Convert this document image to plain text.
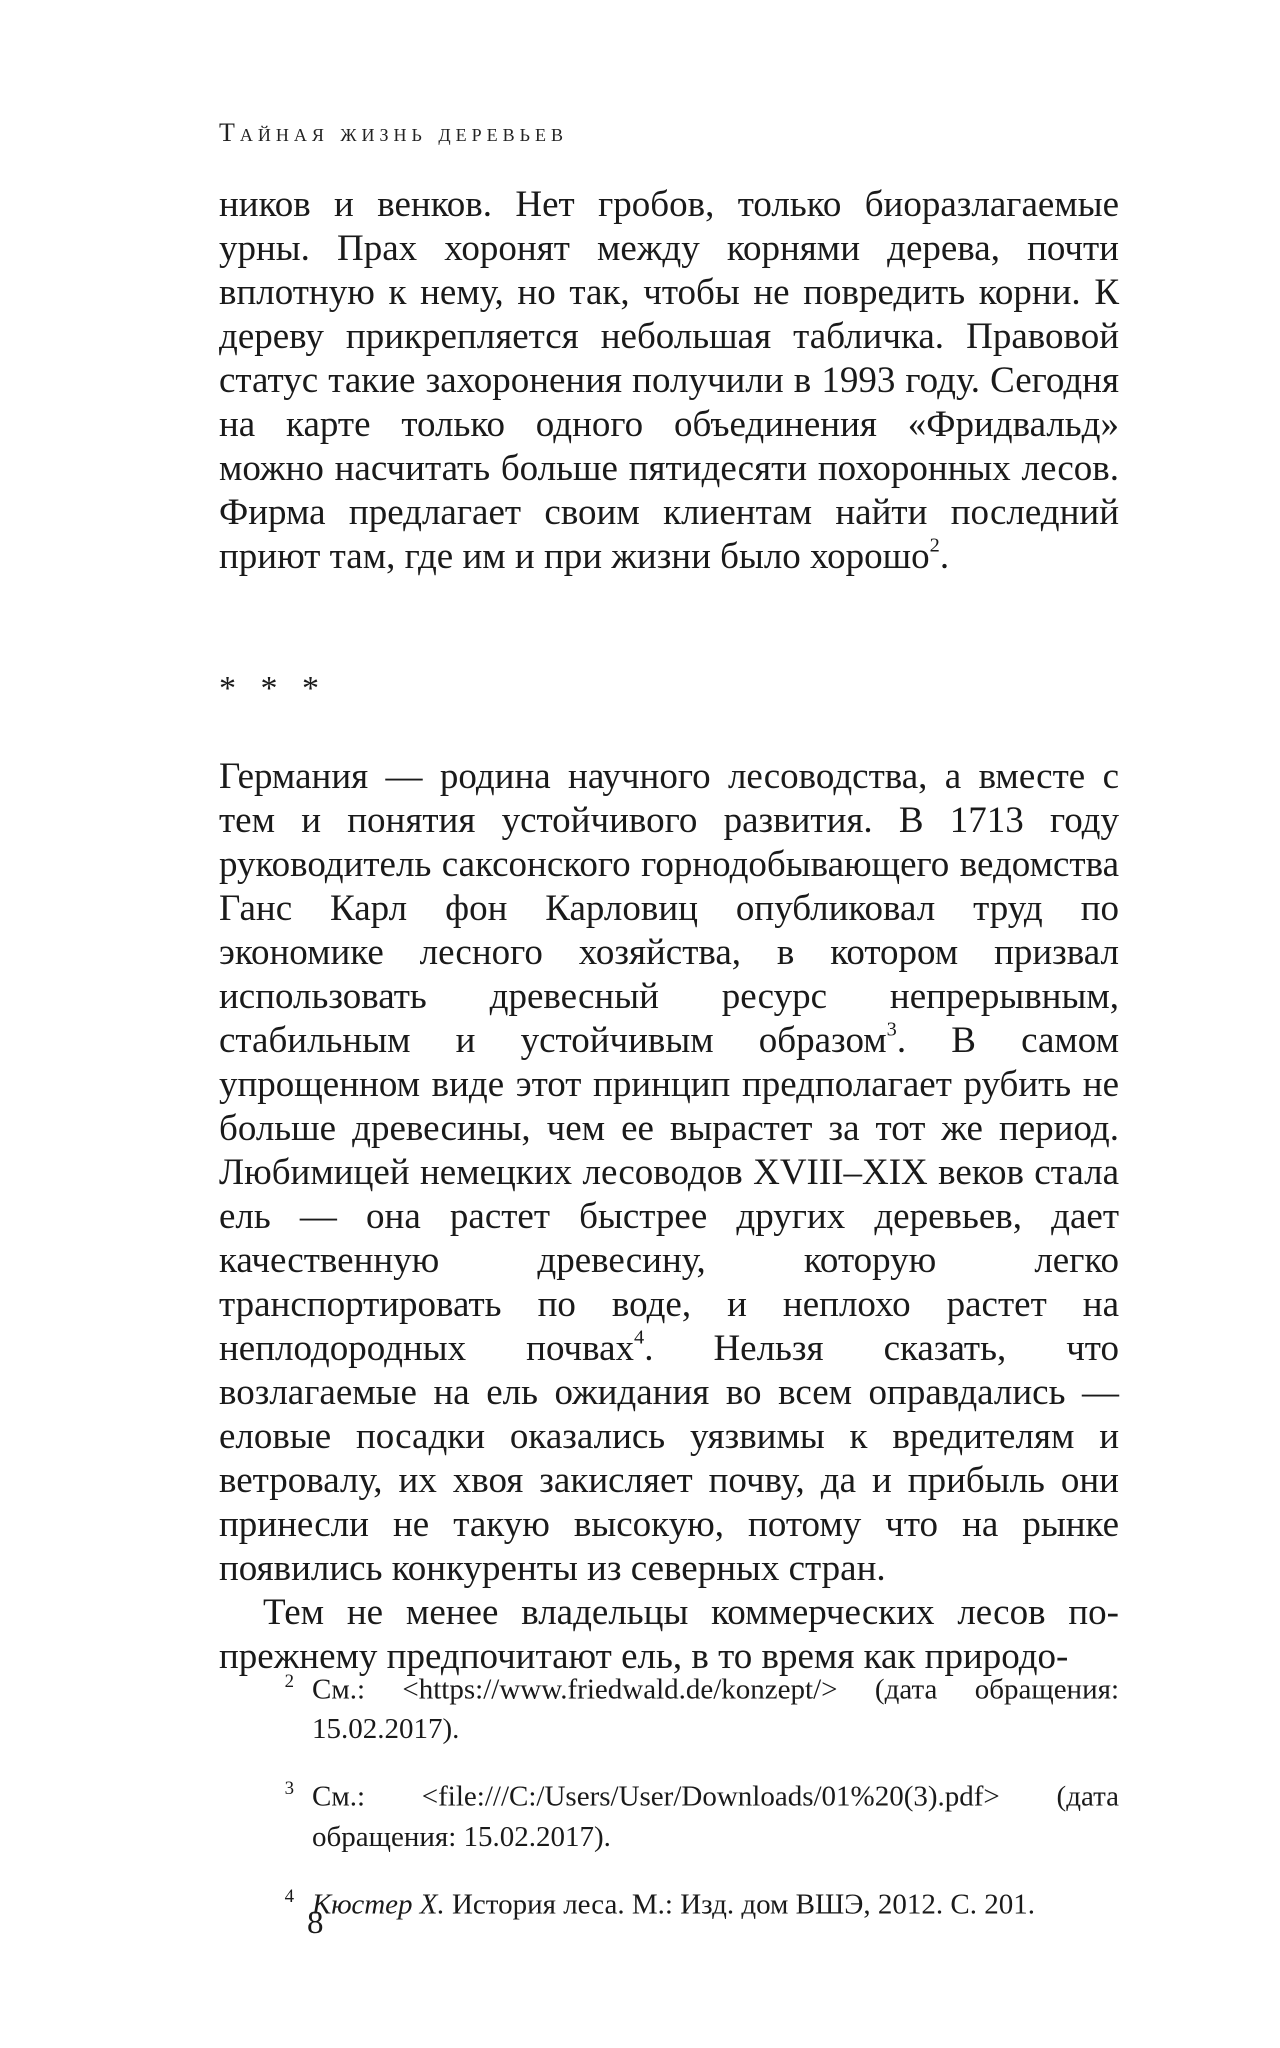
Тайная жизнь деревьев

ников и венков. Нет гробов, только биоразлагаемые урны. Прах хоронят между корнями дерева, почти вплотную к нему, но так, чтобы не повредить корни. К дереву прикрепляется небольшая табличка. Правовой статус такие захоронения получили в 1993 году. Сегодня на карте только одного объединения «Фридвальд» можно насчитать больше пятидесяти похоронных лесов. Фирма предлагает своим клиентам найти последний приют там, где им и при жизни было хорошо$^2$.

* * *

Германия — родина научного лесоводства, а вместе с тем и понятия устойчивого развития. В 1713 году руководитель саксонского горнодобывающего ведомства Ганс Карл фон Карловиц опубликовал труд по экономике лесного хозяйства, в котором призвал использовать древесный ресурс непрерывным, стабильным и устойчивым образом$^3$. В самом упрощенном виде этот принцип предполагает рубить не больше древесины, чем ее вырастет за тот же период. Любимицей немецких лесоводов XVIII–XIX веков стала ель — она растет быстрее других деревьев, дает качественную древесину, которую легко транспортировать по воде, и неплохо растет на неплодородных почвах$^4$. Нельзя сказать, что возлагаемые на ель ожидания во всем оправдались — еловые посадки оказались уязвимы к вредителям и ветровалу, их хвоя закисляет почву, да и прибыль они принесли не такую высокую, потому что на рынке появились конкуренты из северных стран.

Тем не менее владельцы коммерческих лесов по-прежнему предпочитают ель, в то время как природо-

2 См.: <https://www.friedwald.de/konzept/> (дата обращения: 15.02.2017).

3 См.: <file:///C:/Users/User/Downloads/01%20(3).pdf> (дата обращения: 15.02.2017).

4 Кюстер Х. История леса. М.: Изд. дом ВШЭ, 2012. С. 201.

8
